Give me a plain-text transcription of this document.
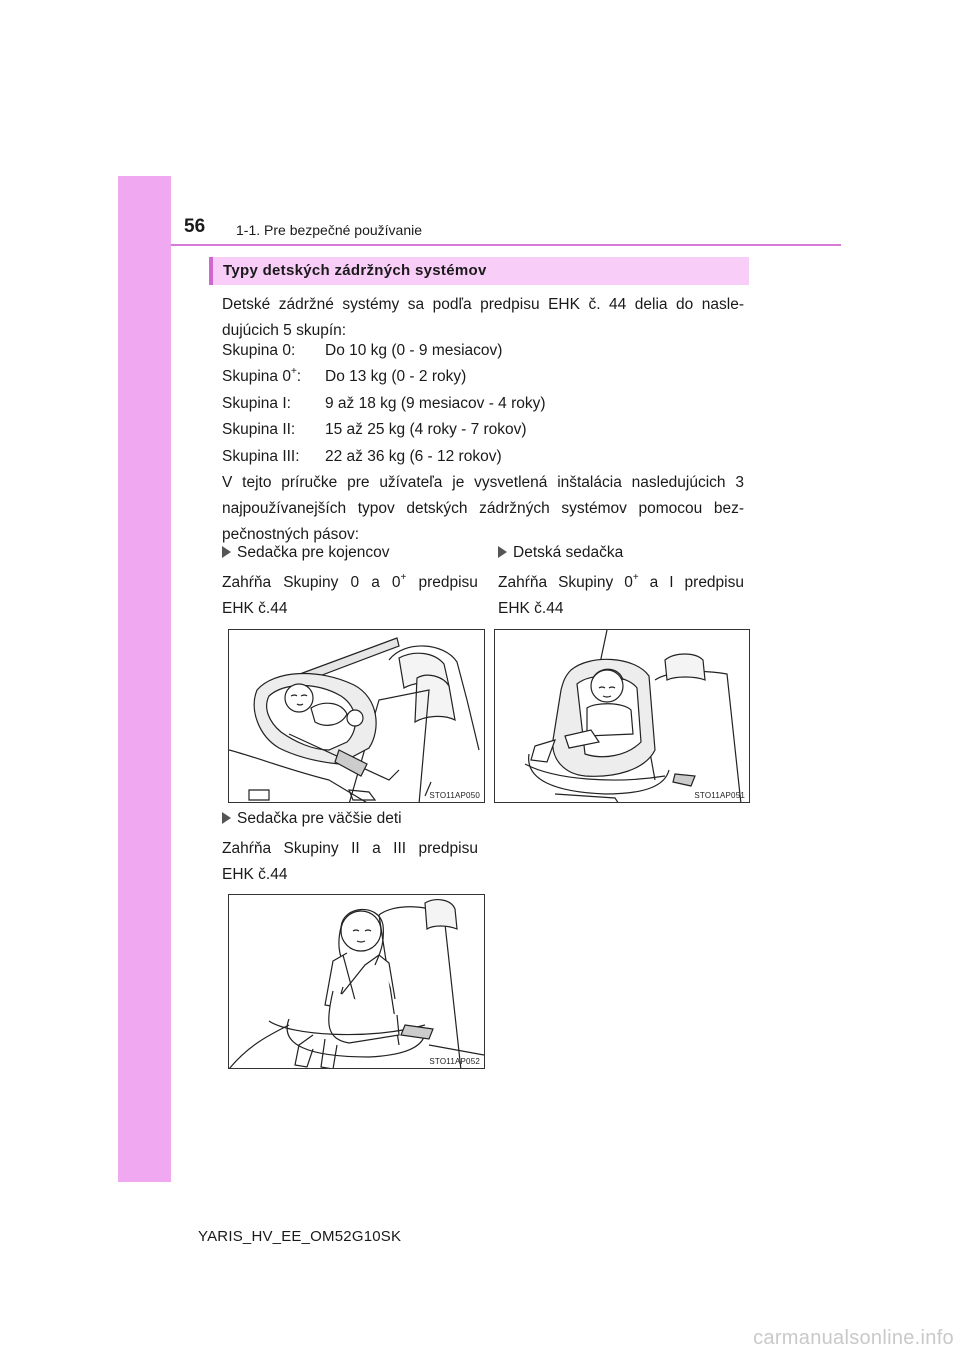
56 1-1. Pre bezpečné používanie
Typy detských zádržných systémov
Detské zádržné systémy sa podľa predpisu EHK č. 44 delia do nasle- dujúcich 5 skupín:
Skupina 0: Do 10 kg (0 - 9 mesiacov)
Skupina 0+: Do 13 kg (0 - 2 roky)
Skupina I: 9 až 18 kg (9 mesiacov - 4 roky)
Skupina II: 15 až 25 kg (4 roky - 7 rokov)
Skupina III: 22 až 36 kg (6 - 12 rokov)
V tejto príručke pre užívateľa je vysvetlená inštalácia nasledujúcich 3 najpoužívanejších typov detských zádržných systémov pomocou bez- pečnostných pásov:
Sedačka pre kojencov
Zahŕňa Skupiny 0 a 0+ predpisu
EHK č.44
Detská sedačka
Zahŕňa Skupiny 0+ a I predpisu
EHK č.44
STO11AP050	STO11AP051
Sedačka pre väčšie deti
Zahŕňa Skupiny II a III predpisu
EHK č.44
STO11AP052
YARIS_HV_EE_OM52G10SK
carmanualsonline.info
